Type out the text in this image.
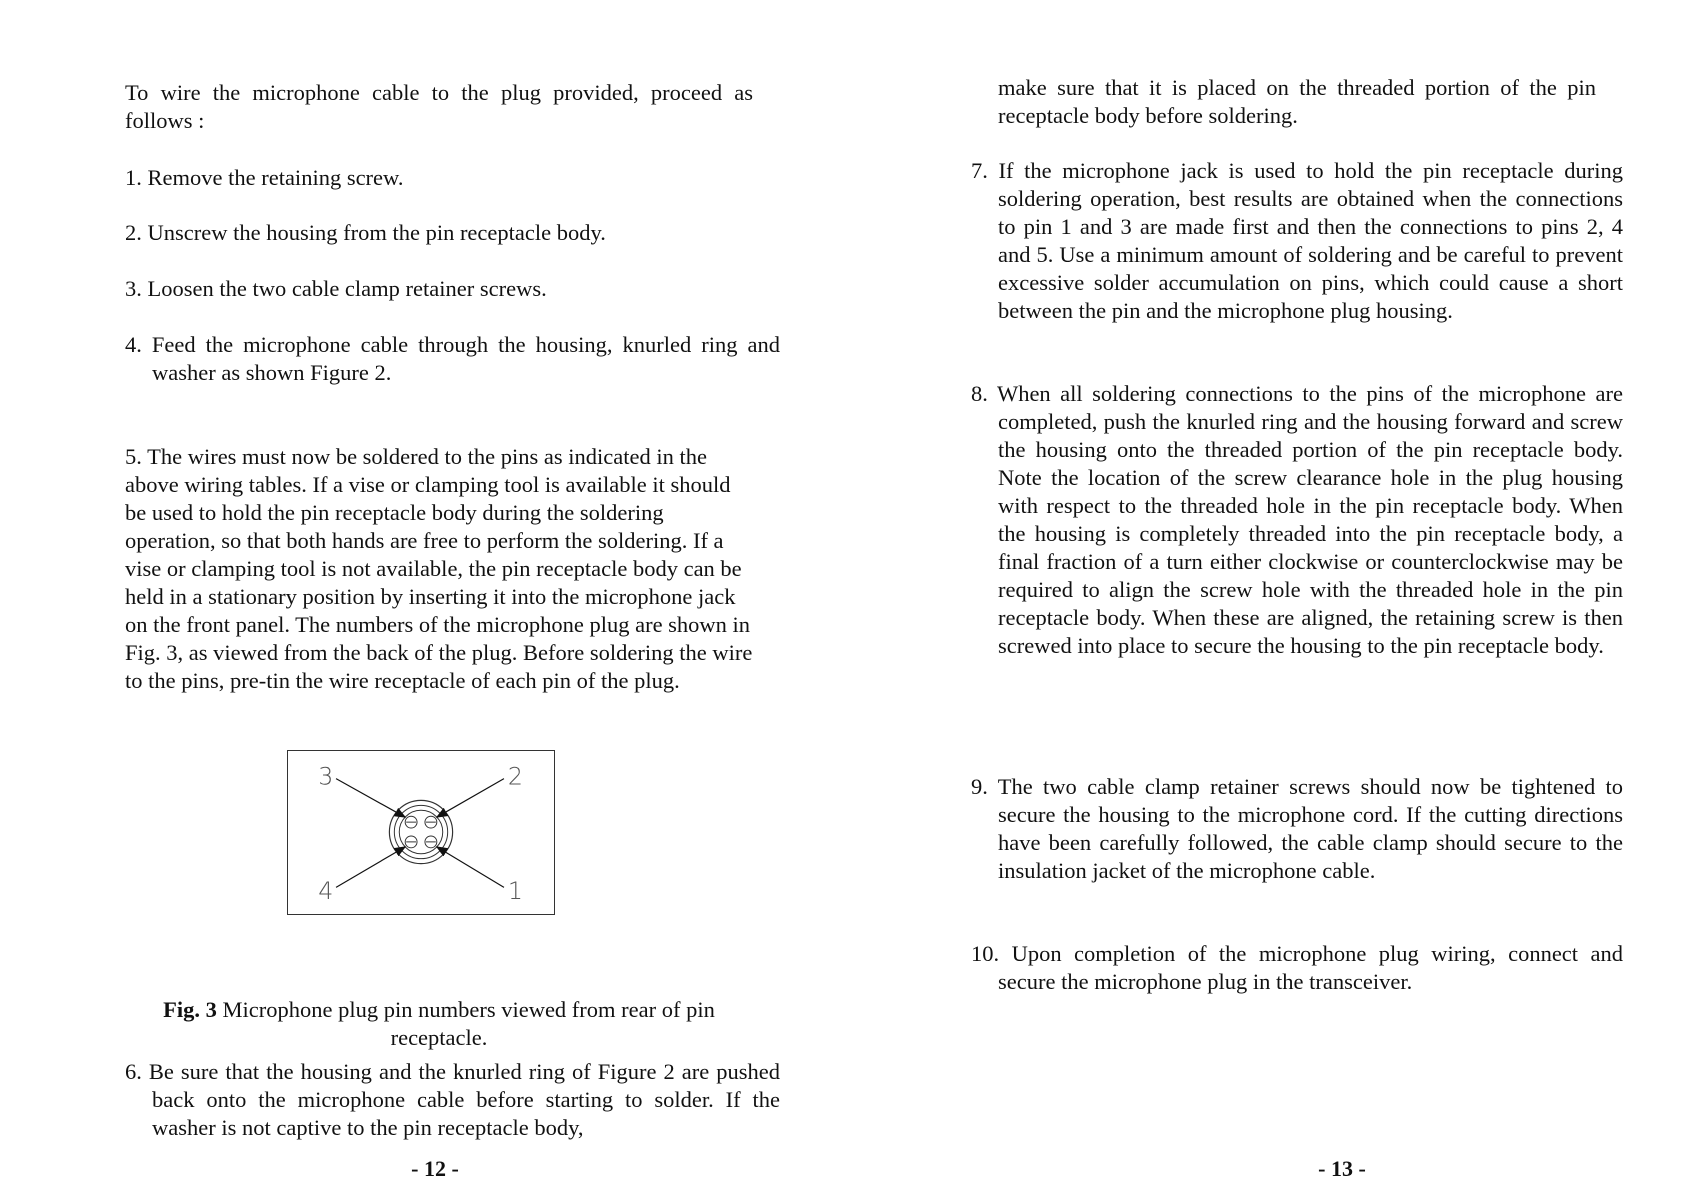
To wire the microphone cable to the plug provided, proceed as follows :

1. Remove the retaining screw.

2. Unscrew the housing from the pin receptacle body.

3. Loosen the two cable clamp retainer screws.

4. Feed the microphone cable through the housing, knurled ring and washer as shown Figure 2.

5. The wires must now be soldered to the pins as indicated in the above wiring tables. If a vise or clamping tool is available it should be used to hold the pin receptacle body during the soldering operation, so that both hands are free to perform the soldering. If a vise or clamping tool is not available, the pin receptacle body can be held in a stationary position by inserting it into the microphone jack on the front panel. The numbers of the microphone plug are shown in Fig. 3, as viewed from the back of the plug. Before soldering the wire to the pins, pre-tin the wire receptacle of each pin of the plug.

3	2
4	1

Fig. 3 Microphone plug pin numbers viewed from rear of pin receptacle.

6. Be sure that the housing and the knurled ring of Figure 2 are pushed back onto the microphone cable before starting to solder. If the washer is not captive to the pin receptacle body,

- 12 -

make sure that it is placed on the threaded portion of the pin receptacle body before soldering.

7. If the microphone jack is used to hold the pin receptacle during soldering operation, best results are obtained when the connections to pin 1 and 3 are made first and then the connections to pins 2, 4 and 5. Use a minimum amount of soldering and be careful to prevent excessive solder accumulation on pins, which could cause a short between the pin and the microphone plug housing.

8. When all soldering connections to the pins of the microphone are completed, push the knurled ring and the housing forward and screw the housing onto the threaded portion of the pin receptacle body. Note the location of the screw clearance hole in the plug housing with respect to the threaded hole in the pin receptacle body. When the housing is completely threaded into the pin receptacle body, a final fraction of a turn either clockwise or counterclockwise may be required to align the screw hole with the threaded hole in the pin receptacle body. When these are aligned, the retaining screw is then screwed into place to secure the housing to the pin receptacle body.

9. The two cable clamp retainer screws should now be tightened to secure the housing to the microphone cord. If the cutting directions have been carefully followed, the cable clamp should secure to the insulation jacket of the microphone cable.

10. Upon completion of the microphone plug wiring, connect and secure the microphone plug in the transceiver.

- 13 -
